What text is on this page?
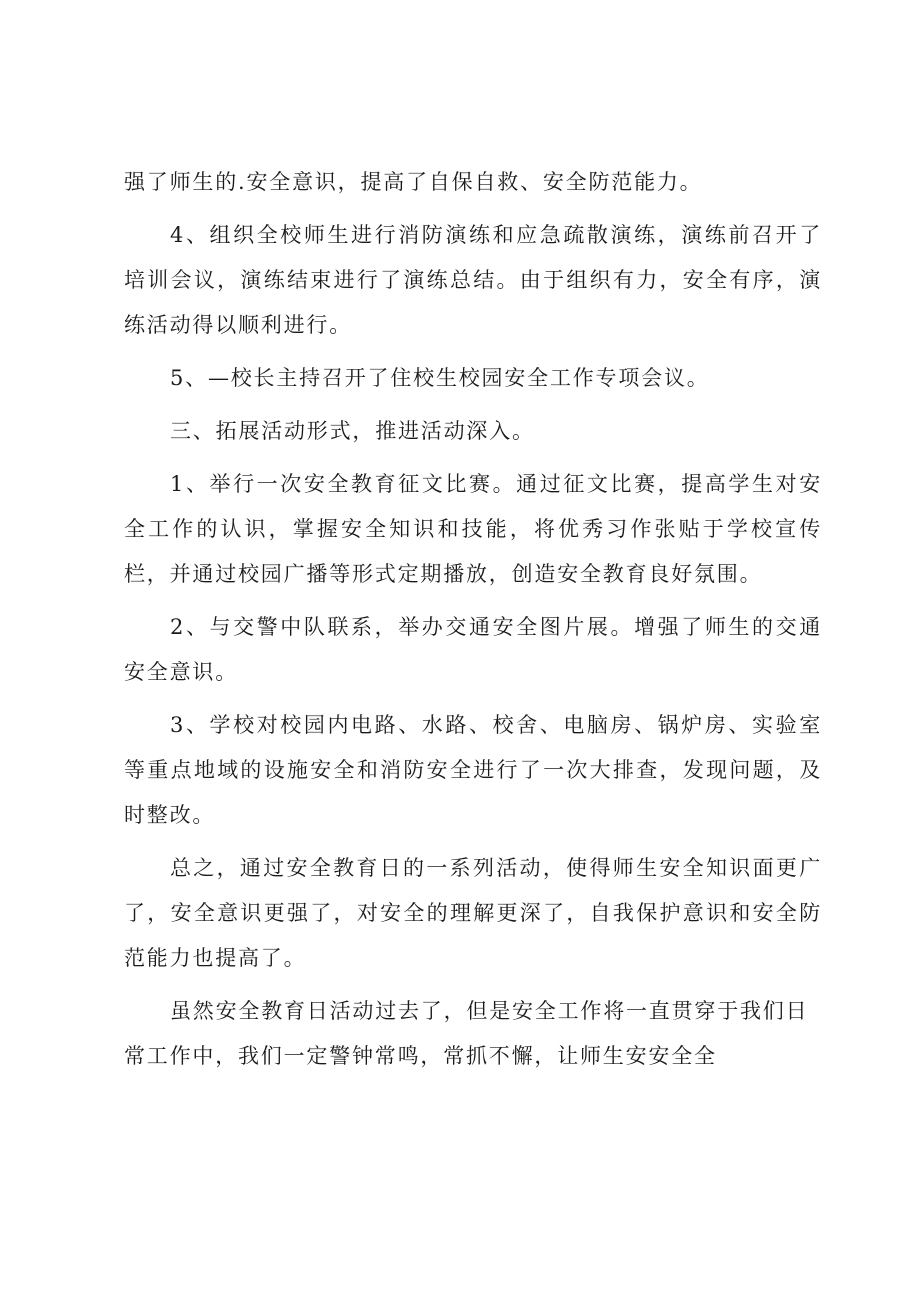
强了师生的.安全意识，提高了自保自救、安全防范能力。

4、组织全校师生进行消防演练和应急疏散演练，演练前召开了培训会议，演练结束进行了演练总结。由于组织有力，安全有序，演练活动得以顺利进行。

5、—校长主持召开了住校生校园安全工作专项会议。

三、拓展活动形式，推进活动深入。

1、举行一次安全教育征文比赛。通过征文比赛，提高学生对安全工作的认识，掌握安全知识和技能，将优秀习作张贴于学校宣传栏，并通过校园广播等形式定期播放，创造安全教育良好氛围。

2、与交警中队联系，举办交通安全图片展。增强了师生的交通安全意识。

3、学校对校园内电路、水路、校舍、电脑房、锅炉房、实验室等重点地域的设施安全和消防安全进行了一次大排查，发现问题，及时整改。

总之，通过安全教育日的一系列活动，使得师生安全知识面更广了，安全意识更强了，对安全的理解更深了，自我保护意识和安全防范能力也提高了。

虽然安全教育日活动过去了，但是安全工作将一直贯穿于我们日常工作中，我们一定警钟常鸣，常抓不懈，让师生安安全全
